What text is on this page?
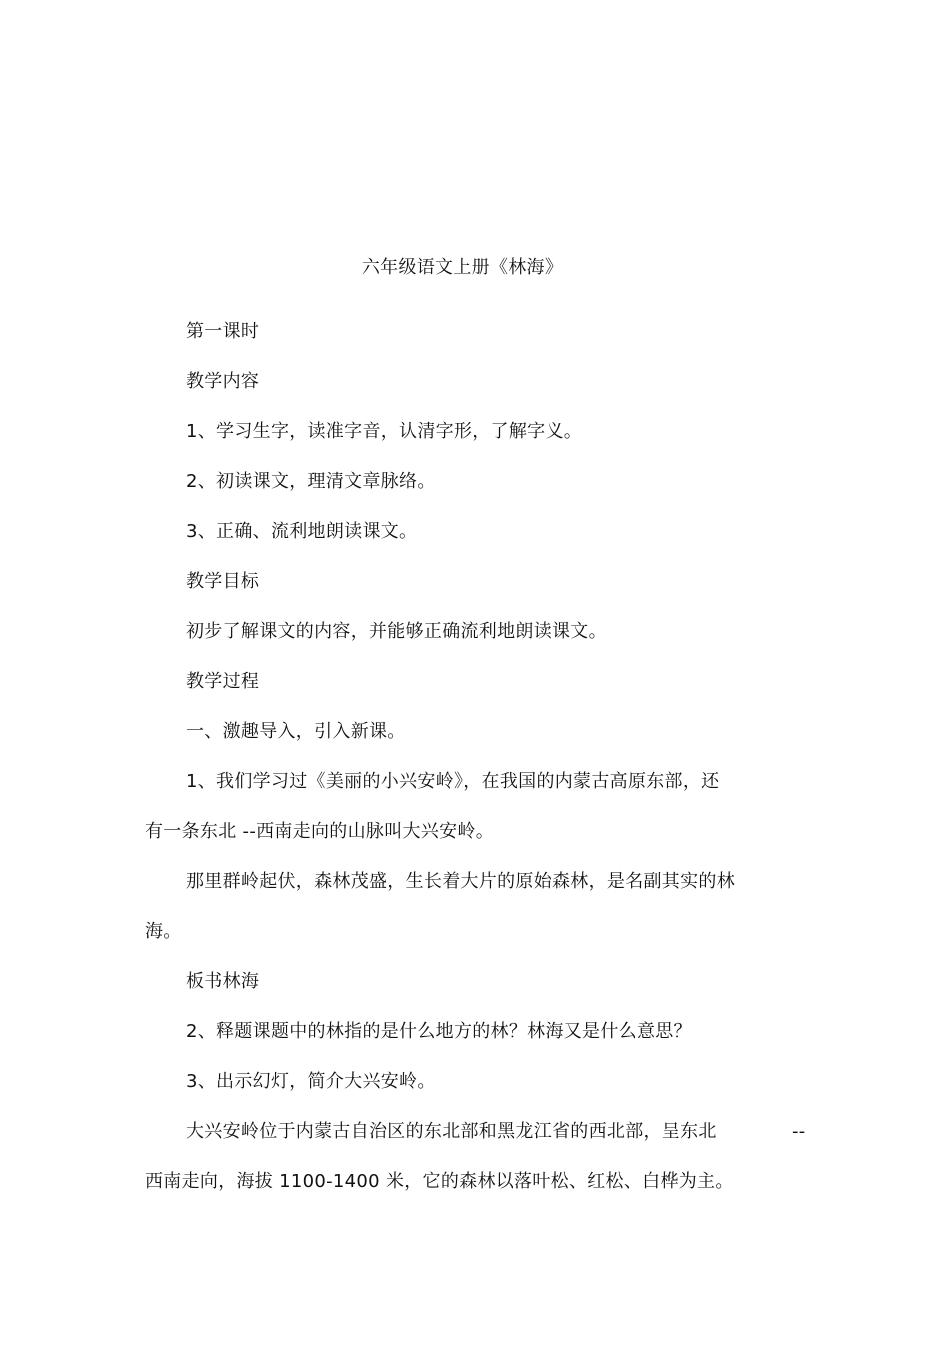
六年级语文上册《林海》
第一课时
教学内容
1、学习生字，读准字音，认清字形，了解字义。
2、初读课文，理清文章脉络。
3、正确、流利地朗读课文。
教学目标
初步了解课文的内容，并能够正确流利地朗读课文。
教学过程
一、激趣导入，引入新课。
1、我们学习过《美丽的小兴安岭》，在我国的内蒙古高原东部，还
有一条东北 --西南走向的山脉叫大兴安岭。
那里群岭起伏，森林茂盛，生长着大片的原始森林，是名副其实的林
海。
板书林海
2、释题课题中的林指的是什么地方的林？林海又是什么意思？
3、出示幻灯，简介大兴安岭。
大兴安岭位于内蒙古自治区的东北部和黑龙江省的西北部，呈东北	--
西南走向，海拔 1100-1400 米，它的森林以落叶松、红松、白桦为主。
